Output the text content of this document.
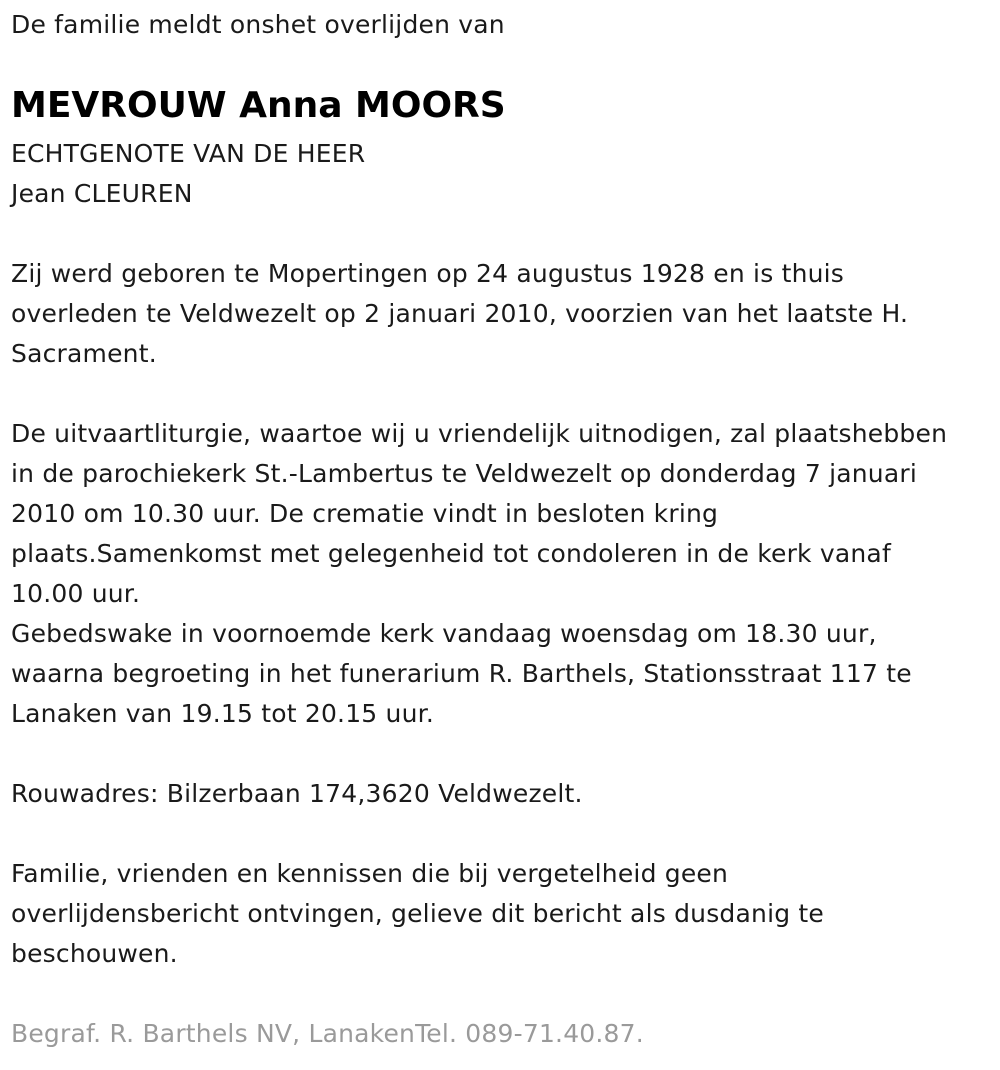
De familie meldt onshet overlijden van
MEVROUW Anna MOORS
ECHTGENOTE VAN DE HEER
Jean CLEUREN
Zij werd geboren te Mopertingen op 24 augustus 1928 en is thuis
overleden te Veldwezelt op 2 januari 2010, voorzien van het laatste H.
Sacrament.
De uitvaartliturgie, waartoe wij u vriendelijk uitnodigen, zal plaatshebben
in de parochiekerk St.-Lambertus te Veldwezelt op donderdag 7 januari
2010 om 10.30 uur. De crematie vindt in besloten kring
plaats.Samenkomst met gelegenheid tot condoleren in de kerk vanaf
10.00 uur.
Gebedswake in voornoemde kerk vandaag woensdag om 18.30 uur,
waarna begroeting in het funerarium R. Barthels, Stationsstraat 117 te
Lanaken van 19.15 tot 20.15 uur.
Rouwadres: Bilzerbaan 174,3620 Veldwezelt.
Familie, vrienden en kennissen die bij vergetelheid geen
overlijdensbericht ontvingen, gelieve dit bericht als dusdanig te
beschouwen.
Begraf. R. Barthels NV, LanakenTel. 089-71.40.87.
